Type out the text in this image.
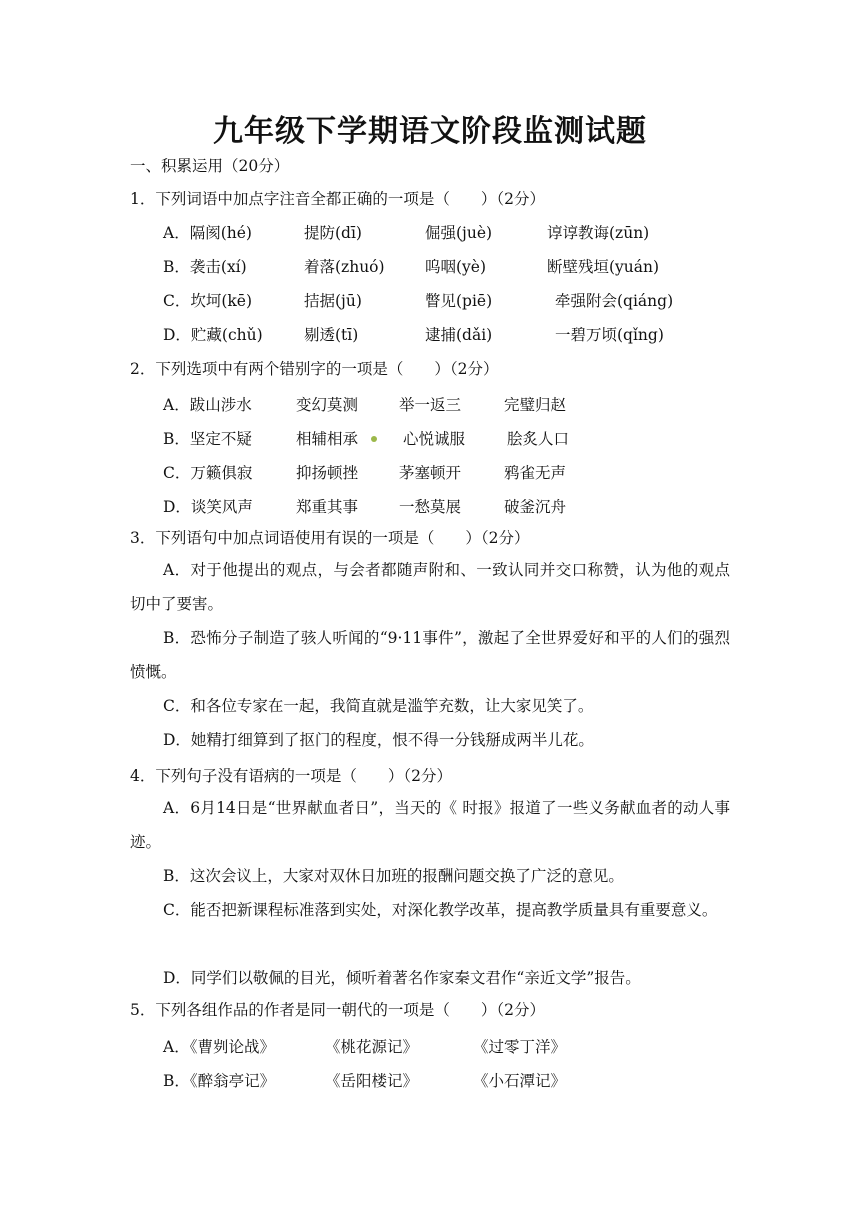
九年级下学期语文阶段监测试题
一、积累运用（20分）
1．下列词语中加点字注音全都正确的一项是（　　）（2分）
A．隔阂(hé)	提防(dī)	倔强(juè)	谆谆教诲(zūn)
B．袭击(xí)	着落(zhuó)	呜咽(yè)	断壁残垣(yuán)
C．坎坷(kē)	拮据(jū)	瞥见(piē)	牵强附会(qiáng)
D．贮藏(chǔ)	剔透(tī)	逮捕(dǎi)	一碧万顷(qǐng)
2．下列选项中有两个错别字的一项是（　　）（2分）
A．跋山涉水	变幻莫测	举一返三	完璧归赵
B．坚定不疑	相辅相承	心悦诚服	脍炙人口
C．万籁俱寂	抑扬顿挫	茅塞顿开	鸦雀无声
D．谈笑风声	郑重其事	一愁莫展	破釜沉舟
3．下列语句中加点词语使用有误的一项是（　　）（2分）
A．对于他提出的观点，与会者都随声附和、一致认同并交口称赞，认为他的观点切中了要害。
B．恐怖分子制造了骇人听闻的“9·11事件”，激起了全世界爱好和平的人们的强烈愤慨。
C．和各位专家在一起，我简直就是滥竽充数，让大家见笑了。
D．她精打细算到了抠门的程度，恨不得一分钱掰成两半儿花。
4．下列句子没有语病的一项是（　　）（2分）
A．6月14日是“世界献血者日”，当天的《 时报》报道了一些义务献血者的动人事迹。
B．这次会议上，大家对双休日加班的报酬问题交换了广泛的意见。
C．能否把新课程标准落到实处，对深化教学改革，提高教学质量具有重要意义。
D．同学们以敬佩的目光，倾听着著名作家秦文君作“亲近文学”报告。
5．下列各组作品的作者是同一朝代的一项是（　　）（2分）
A．《曹刿论战》	《桃花源记》	《过零丁洋》
B．《醉翁亭记》	《岳阳楼记》	《小石潭记》
